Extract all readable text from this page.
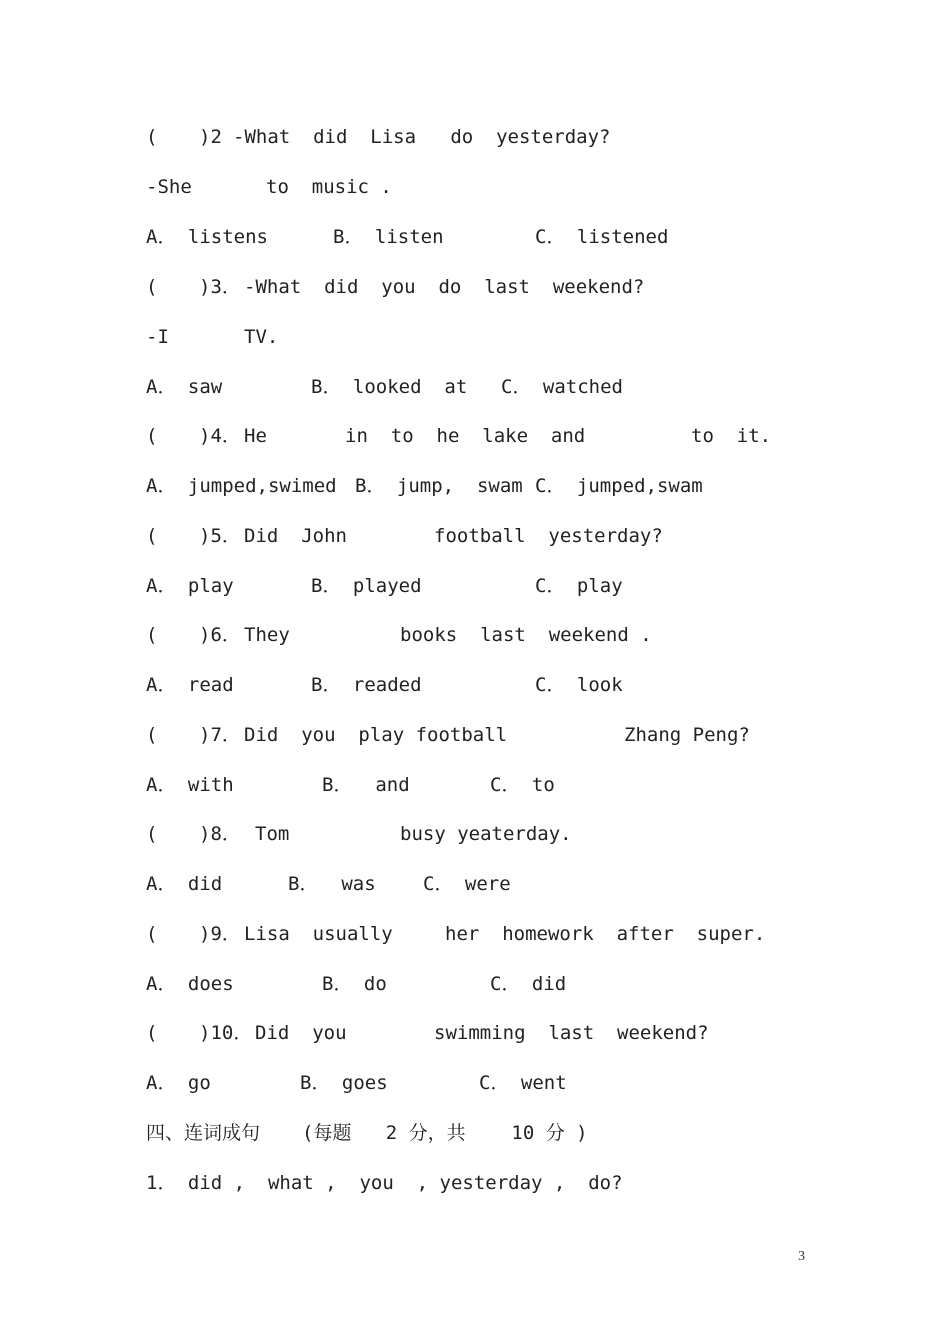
(

)2

-What  did  Lisa   do  yesterday?

-She

	to  music .

A． listens

	B． listen

	C． listened

(

)3．

-What  did  you  do  last  weekend?

-I

	TV.

A． saw

	B． looked  at

C． watched

(

)4．

He

	in  to  he  lake  and

	to  it.

A． jumped,swimed

B． jump,  swam

C． jumped,swam

(

)5．

Did  John

	football  yesterday?

A． play

	B． played

	C． play

(

)6．

They

	books  last  weekend .

A． read

	B． readed

	C． look

(

)7．

Did  you  play football

	Zhang Peng?

A． with

	B．  and

	C． to

(

)8．

Tom

	busy yeaterday.

A． did

	B．  was

C． were

(

)9．

Lisa  usually

	her  homework  after  super.

A． does

	B． do

	C． did

(

)10．

Did  you

	swimming  last  weekend?

A． go

	B． goes

	C． went

四、连词成句

(每题   2 分，共    10 分 )

1． did ,  what ,  you  , yesterday ,  do?

3
